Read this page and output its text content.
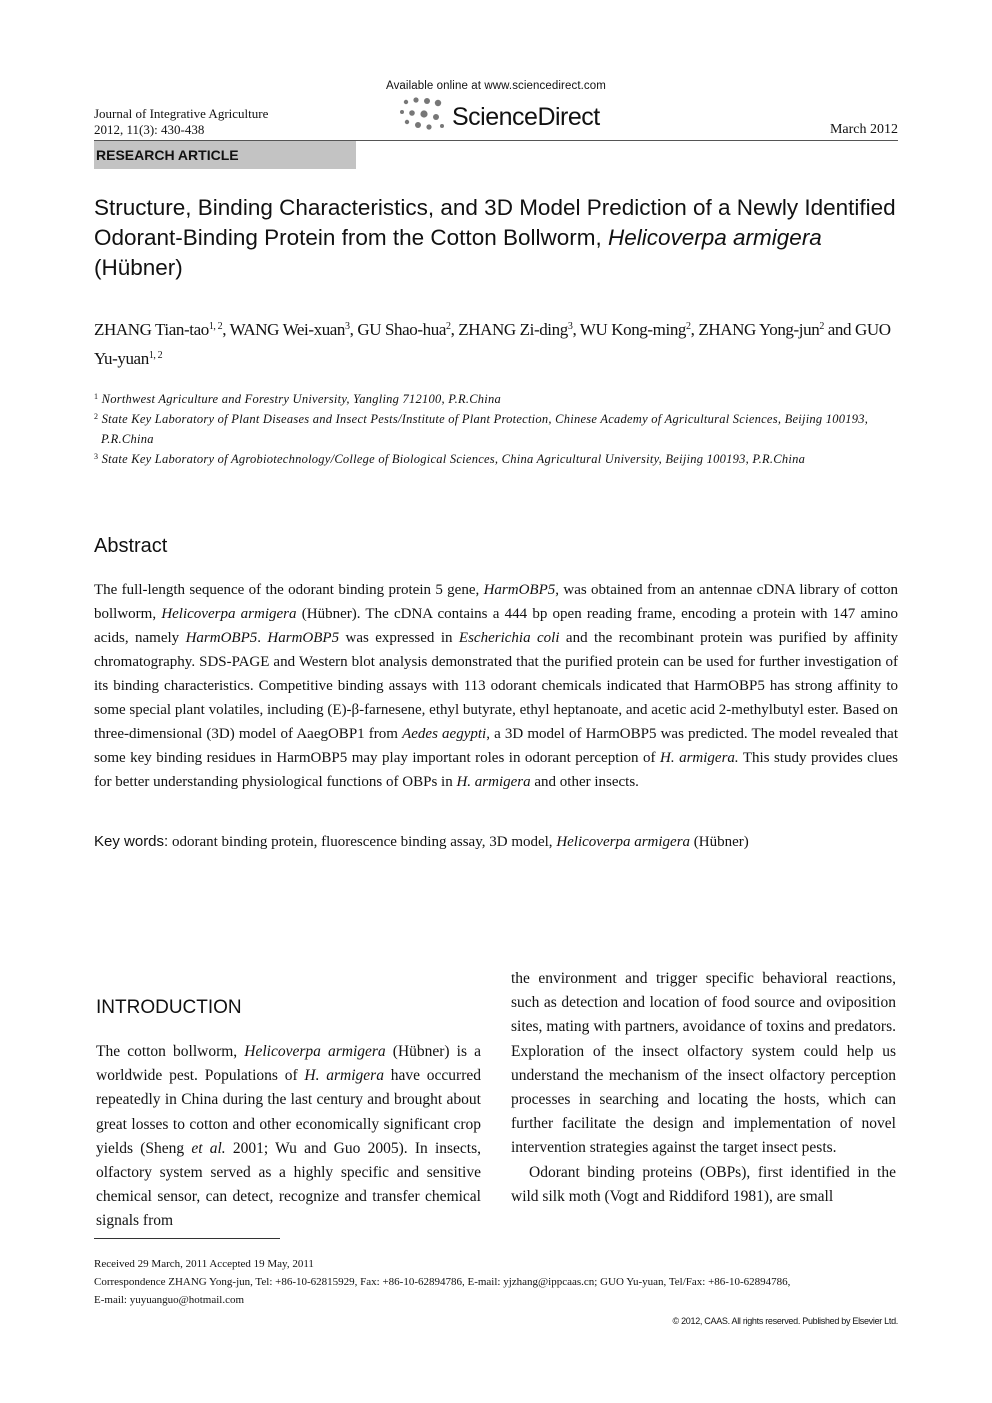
Journal of Integrative Agriculture
2012, 11(3): 430-438
Available online at www.sciencedirect.com
ScienceDirect	March 2012
RESEARCH ARTICLE
Structure, Binding Characteristics, and 3D Model Prediction of a Newly Identified Odorant-Binding Protein from the Cotton Bollworm, Helicoverpa armigera (Hübner)
ZHANG Tian-tao$^{1, 2}$, WANG Wei-xuan$^3$, GU Shao-hua$^2$, ZHANG Zi-ding$^3$, WU Kong-ming$^2$, ZHANG Yong-jun$^2$ and GUO Yu-yuan$^{1, 2}$
$^1$ Northwest Agriculture and Forestry University, Yangling 712100, P.R.China
$^2$ State Key Laboratory of Plant Diseases and Insect Pests/Institute of Plant Protection, Chinese Academy of Agricultural Sciences, Beijing 100193, P.R.China
$^3$ State Key Laboratory of Agrobiotechnology/College of Biological Sciences, China Agricultural University, Beijing 100193, P.R.China
Abstract
The full-length sequence of the odorant binding protein 5 gene, HarmOBP5, was obtained from an antennae cDNA library of cotton bollworm, Helicoverpa armigera (Hübner). The cDNA contains a 444 bp open reading frame, encoding a protein with 147 amino acids, namely HarmOBP5. HarmOBP5 was expressed in Escherichia coli and the recombinant protein was purified by affinity chromatography. SDS-PAGE and Western blot analysis demonstrated that the purified protein can be used for further investigation of its binding characteristics. Competitive binding assays with 113 odorant chemicals indicated that HarmOBP5 has strong affinity to some special plant volatiles, including (E)-β-farnesene, ethyl butyrate, ethyl heptanoate, and acetic acid 2-methylbutyl ester. Based on three-dimensional (3D) model of AaegOBP1 from Aedes aegypti, a 3D model of HarmOBP5 was predicted. The model revealed that some key binding residues in HarmOBP5 may play important roles in odorant perception of H. armigera. This study provides clues for better understanding physiological functions of OBPs in H. armigera and other insects.
Key words: odorant binding protein, fluorescence binding assay, 3D model, Helicoverpa armigera (Hübner)
INTRODUCTION
The cotton bollworm, Helicoverpa armigera (Hübner) is a worldwide pest. Populations of H. armigera have occurred repeatedly in China during the last century and brought about great losses to cotton and other economically significant crop yields (Sheng et al. 2001; Wu and Guo 2005). In insects, olfactory system served as a highly specific and sensitive chemical sensor, can detect, recognize and transfer chemical signals from
the environment and trigger specific behavioral reactions, such as detection and location of food source and oviposition sites, mating with partners, avoidance of toxins and predators. Exploration of the insect olfactory system could help us understand the mechanism of the insect olfactory perception processes in searching and locating the hosts, which can further facilitate the design and implementation of novel intervention strategies against the target insect pests.
Odorant binding proteins (OBPs), first identified in the wild silk moth (Vogt and Riddiford 1981), are small
Received 29 March, 2011 Accepted 19 May, 2011
Correspondence ZHANG Yong-jun, Tel: +86-10-62815929, Fax: +86-10-62894786, E-mail: yjzhang@ippcaas.cn; GUO Yu-yuan, Tel/Fax: +86-10-62894786,
E-mail: yuyuanguo@hotmail.com
© 2012, CAAS. All rights reserved. Published by Elsevier Ltd.
